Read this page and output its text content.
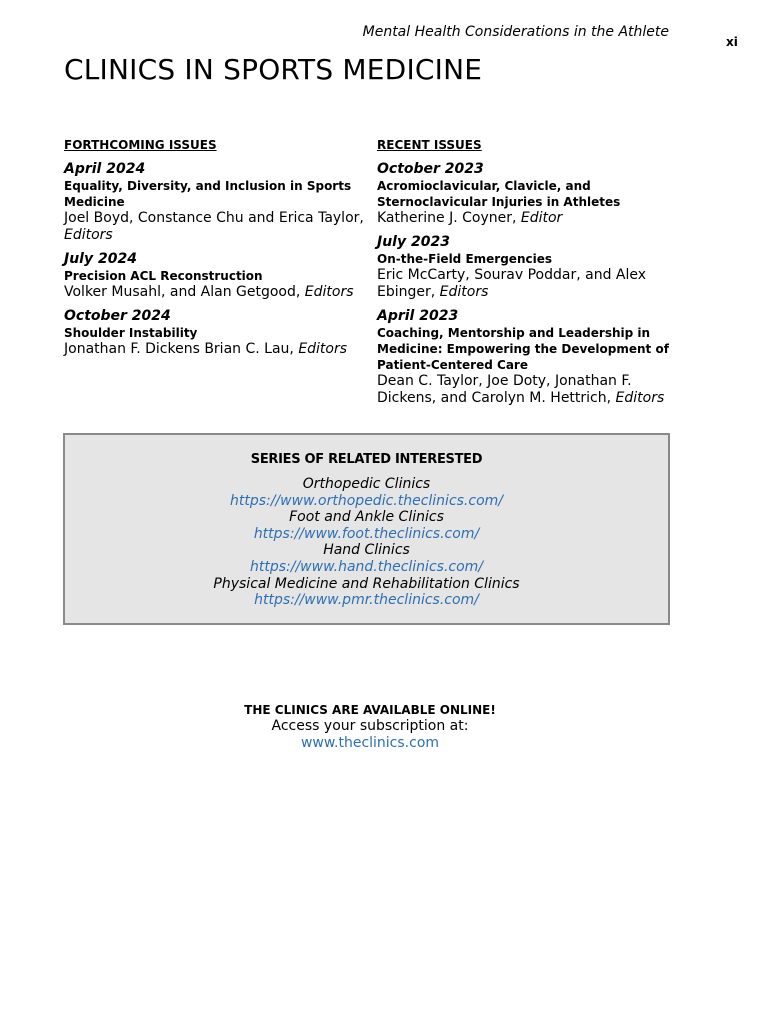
Mental Health Considerations in the Athlete
xi
CLINICS IN SPORTS MEDICINE
FORTHCOMING ISSUES
April 2024
Equality, Diversity, and Inclusion in Sports Medicine
Joel Boyd, Constance Chu and Erica Taylor, Editors
July 2024
Precision ACL Reconstruction
Volker Musahl, and Alan Getgood, Editors
October 2024
Shoulder Instability
Jonathan F. Dickens Brian C. Lau, Editors
RECENT ISSUES
October 2023
Acromioclavicular, Clavicle, and Sternoclavicular Injuries in Athletes
Katherine J. Coyner, Editor
July 2023
On-the-Field Emergencies
Eric McCarty, Sourav Poddar, and Alex Ebinger, Editors
April 2023
Coaching, Mentorship and Leadership in Medicine: Empowering the Development of Patient-Centered Care
Dean C. Taylor, Joe Doty, Jonathan F. Dickens, and Carolyn M. Hettrich, Editors
SERIES OF RELATED INTERESTED
Orthopedic Clinics
https://www.orthopedic.theclinics.com/
Foot and Ankle Clinics
https://www.foot.theclinics.com/
Hand Clinics
https://www.hand.theclinics.com/
Physical Medicine and Rehabilitation Clinics
https://www.pmr.theclinics.com/
THE CLINICS ARE AVAILABLE ONLINE!
Access your subscription at:
www.theclinics.com
